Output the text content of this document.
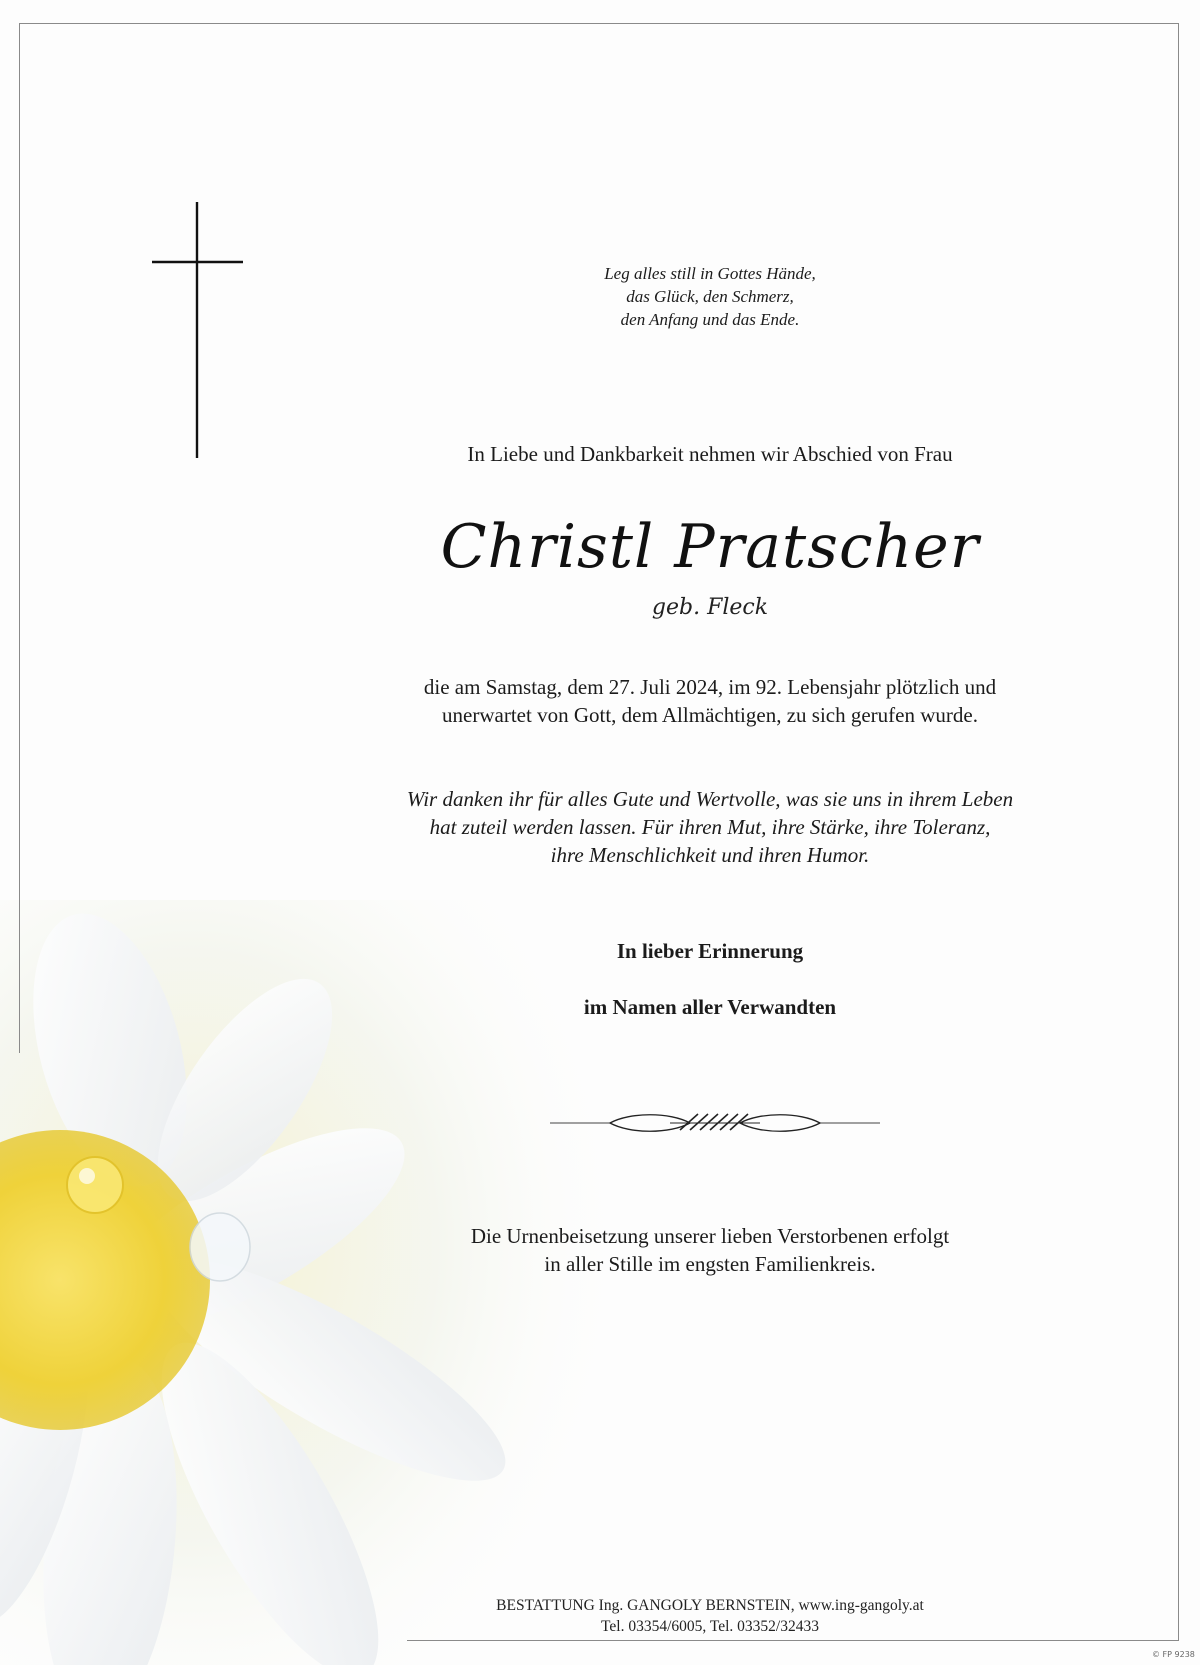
Leg alles still in Gottes Hände,
das Glück, den Schmerz,
den Anfang und das Ende.
In Liebe und Dankbarkeit nehmen wir Abschied von Frau
Christl Pratscher
geb. Fleck
die am Samstag, dem 27. Juli 2024, im 92. Lebensjahr plötzlich und
unerwartet von Gott, dem Allmächtigen, zu sich gerufen wurde.
Wir danken ihr für alles Gute und Wertvolle, was sie uns in ihrem Leben
hat zuteil werden lassen. Für ihren Mut, ihre Stärke, ihre Toleranz,
ihre Menschlichkeit und ihren Humor.
In lieber Erinnerung
im Namen aller Verwandten
Die Urnenbeisetzung unserer lieben Verstorbenen erfolgt
in aller Stille im engsten Familienkreis.
BESTATTUNG Ing. GANGOLY BERNSTEIN, www.ing-gangoly.at
Tel. 03354/6005, Tel. 03352/32433
© FP 9238
